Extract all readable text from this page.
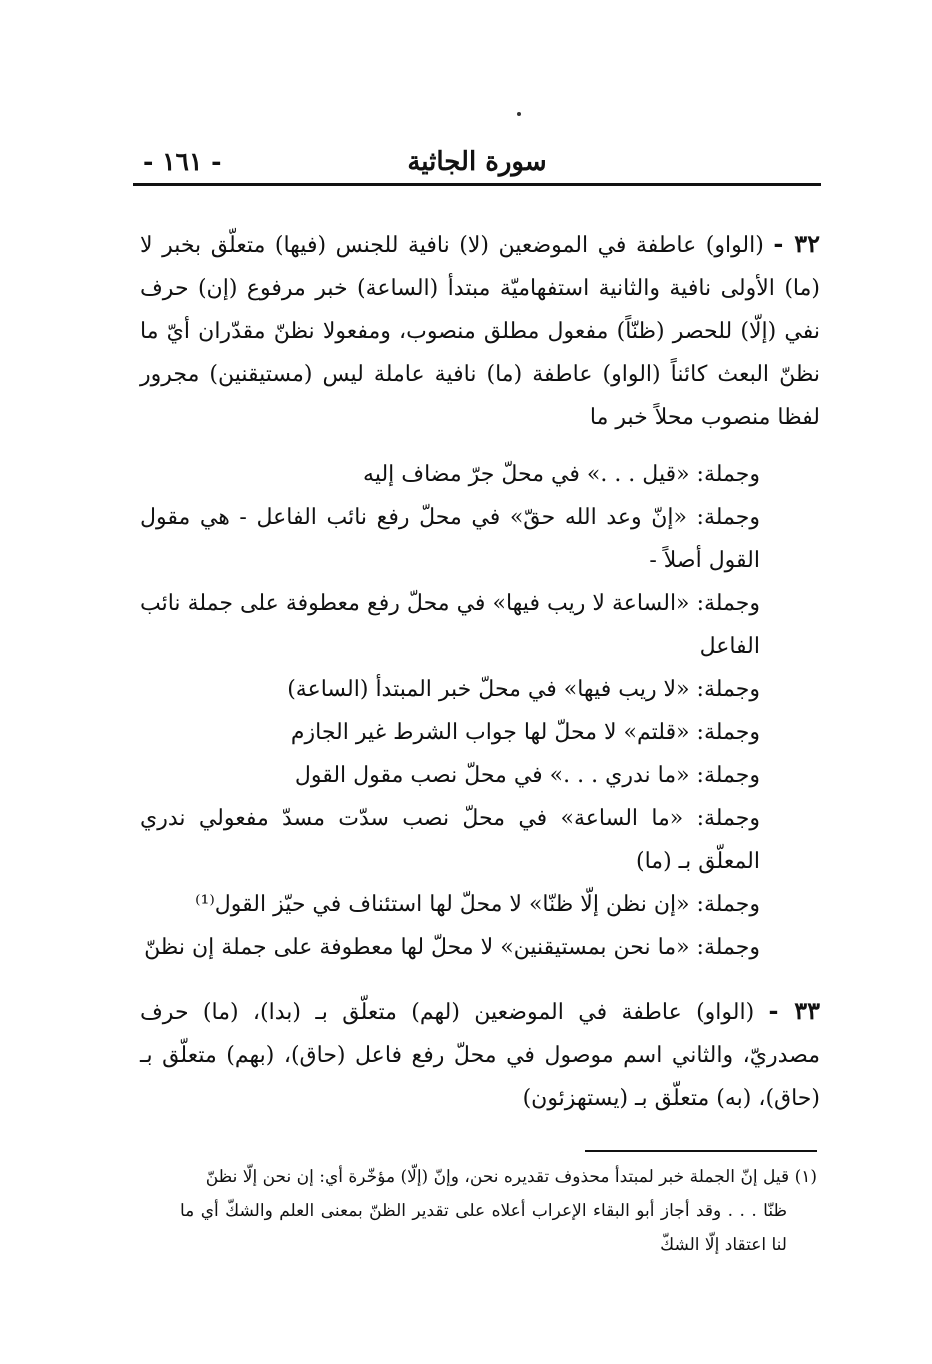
سورة الجاثية
- ١٦١ -

٣٢ - (الواو) عاطفة في الموضعين (لا) نافية للجنس (فيها) متعلّق بخبر لا (ما) الأولى نافية والثانية استفهاميّة مبتدأ (الساعة) خبر مرفوع (إن) حرف نفي (إلّا) للحصر (ظنّاً) مفعول مطلق منصوب، ومفعولا نظنّ مقدّران أيّ ما نظنّ البعث كائناً (الواو) عاطفة (ما) نافية عاملة ليس (مستيقنين) مجرور لفظا منصوب محلاً خبر ما

وجملة: «قيل . . .» في محلّ جرّ مضاف إليه

وجملة: «إنّ وعد الله حقّ» في محلّ رفع نائب الفاعل - هي مقول القول أصلاً -

وجملة: «الساعة لا ريب فيها» في محلّ رفع معطوفة على جملة نائب الفاعل

وجملة: «لا ريب فيها» في محلّ خبر المبتدأ (الساعة)

وجملة: «قلتم» لا محلّ لها جواب الشرط غير الجازم

وجملة: «ما ندري . . .» في محلّ نصب مقول القول

وجملة: «ما الساعة» في محلّ نصب سدّت مسدّ مفعولي ندري المعلّق بـ (ما)

وجملة: «إن نظن إلّا ظنّا» لا محلّ لها استئناف في حيّز القول⁽¹⁾

وجملة: «ما نحن بمستيقنين» لا محلّ لها معطوفة على جملة إن نظنّ

٣٣ - (الواو) عاطفة في الموضعين (لهم) متعلّق بـ (بدا)، (ما) حرف مصدريّ، والثاني اسم موصول في محلّ رفع فاعل (حاق)، (بهم) متعلّق بـ (حاق)، (به) متعلّق بـ (يستهزئون)

(١) قيل إنّ الجملة خبر لمبتدأ محذوف تقديره نحن، وإنّ (إلّا) مؤخّرة أي: إن نحن إلّا نظنّ

ظنّا . . . وقد أجاز أبو البقاء الإعراب أعلاه على تقدير الظنّ بمعنى العلم والشكّ أي ما لنا اعتقاد إلّا الشكّ
